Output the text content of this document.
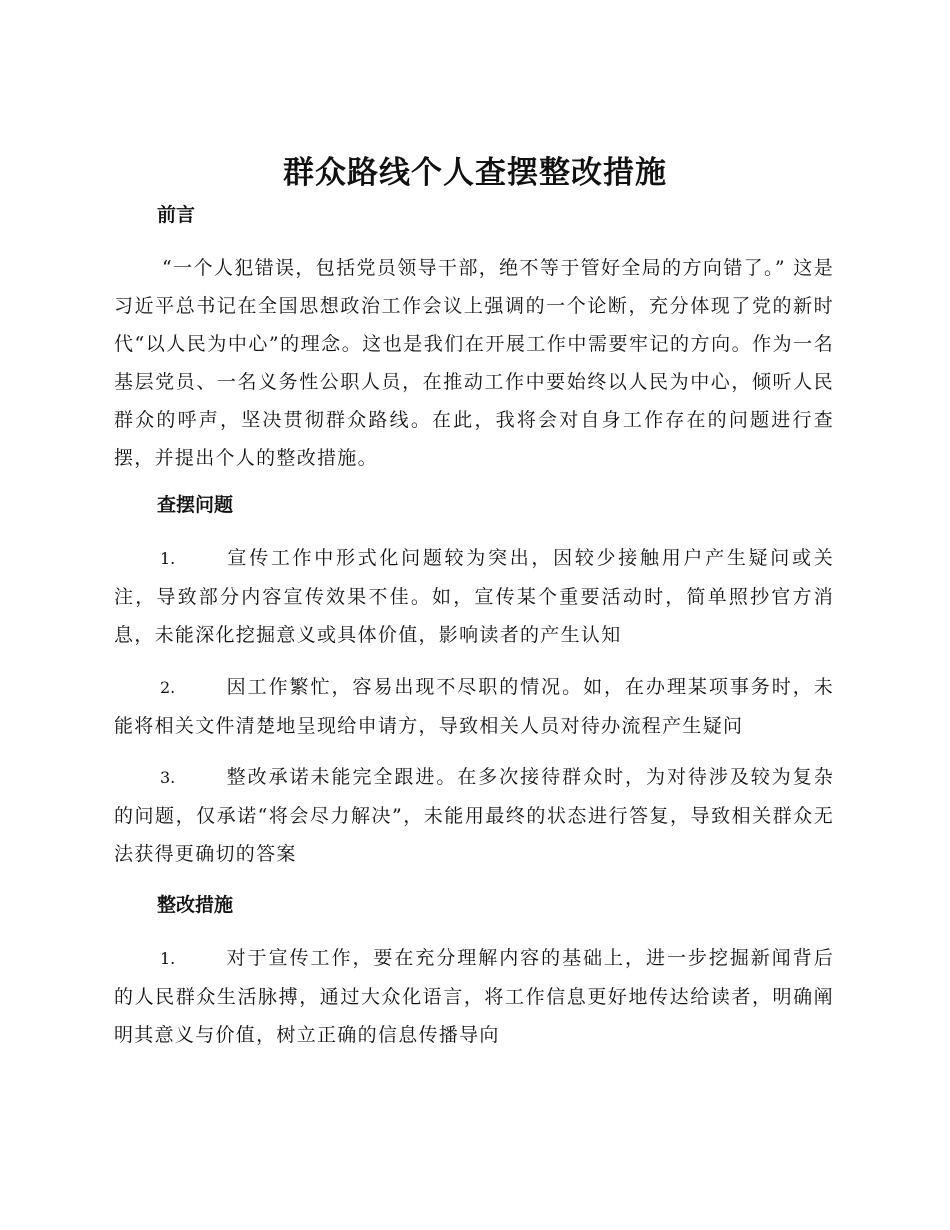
群众路线个人查摆整改措施
前言
“一个人犯错误，包括党员领导干部，绝不等于管好全局的方向错了。” 这是习近平总书记在全国思想政治工作会议上强调的一个论断，充分体现了党的新时代“以人民为中心”的理念。这也是我们在开展工作中需要牢记的方向。作为一名基层党员、一名义务性公职人员，在推动工作中要始终以人民为中心，倾听人民群众的呼声，坚决贯彻群众路线。在此，我将会对自身工作存在的问题进行查摆，并提出个人的整改措施。
查摆问题
1.	宣传工作中形式化问题较为突出，因较少接触用户产生疑问或关注，导致部分内容宣传效果不佳。如，宣传某个重要活动时，简单照抄官方消息，未能深化挖掘意义或具体价值，影响读者的产生认知
2.	因工作繁忙，容易出现不尽职的情况。如，在办理某项事务时，未能将相关文件清楚地呈现给申请方，导致相关人员对待办流程产生疑问
3.	整改承诺未能完全跟进。在多次接待群众时，为对待涉及较为复杂的问题，仅承诺“将会尽力解决”，未能用最终的状态进行答复，导致相关群众无法获得更确切的答案
整改措施
1.	对于宣传工作，要在充分理解内容的基础上，进一步挖掘新闻背后的人民群众生活脉搏，通过大众化语言，将工作信息更好地传达给读者，明确阐明其意义与价值，树立正确的信息传播导向
